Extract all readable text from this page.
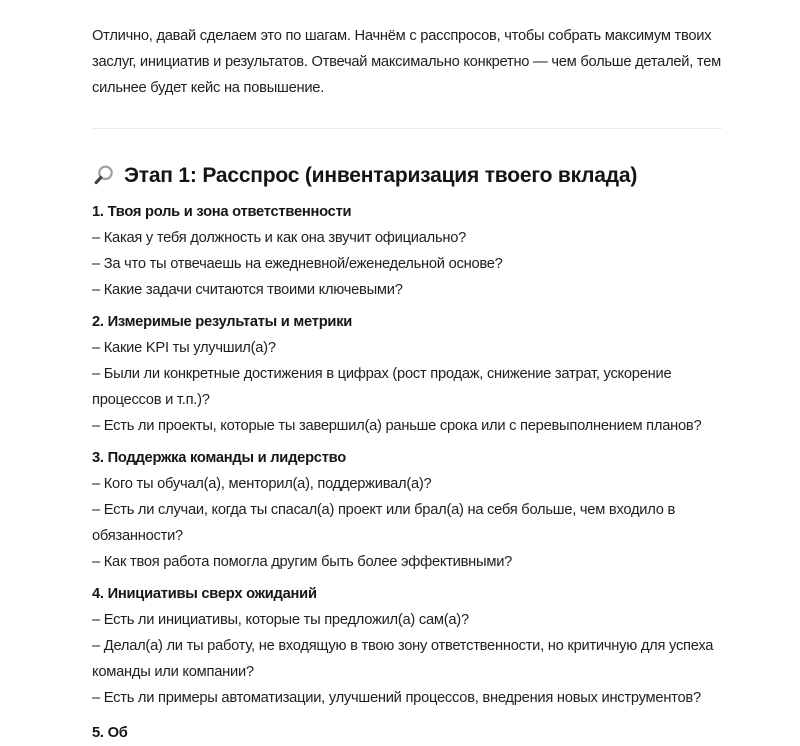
Отлично, давай сделаем это по шагам. Начнём с расспросов, чтобы собрать максимум твоих заслуг, инициатив и результатов. Отвечай максимально конкретно — чем больше деталей, тем сильнее будет кейс на повышение.

Этап 1: Расспрос (инвентаризация твоего вклада)

1. Твоя роль и зона ответственности

– Какая у тебя должность и как она звучит официально?
– За что ты отвечаешь на ежедневной/еженедельной основе?
– Какие задачи считаются твоими ключевыми?

2. Измеримые результаты и метрики

– Какие KPI ты улучшил(а)?
– Были ли конкретные достижения в цифрах (рост продаж, снижение затрат, ускорение процессов и т.п.)?
– Есть ли проекты, которые ты завершил(а) раньше срока или с перевыполнением планов?

3. Поддержка команды и лидерство

– Кого ты обучал(а), менторил(а), поддерживал(а)?
– Есть ли случаи, когда ты спасал(а) проект или брал(а) на себя больше, чем входило в обязанности?
– Как твоя работа помогла другим быть более эффективными?

4. Инициативы сверх ожиданий

– Есть ли инициативы, которые ты предложил(а) сам(а)?
– Делал(а) ли ты работу, не входящую в твою зону ответственности, но критичную для успеха команды или компании?
– Есть ли примеры автоматизации, улучшений процессов, внедрения новых инструментов?

5. Об
